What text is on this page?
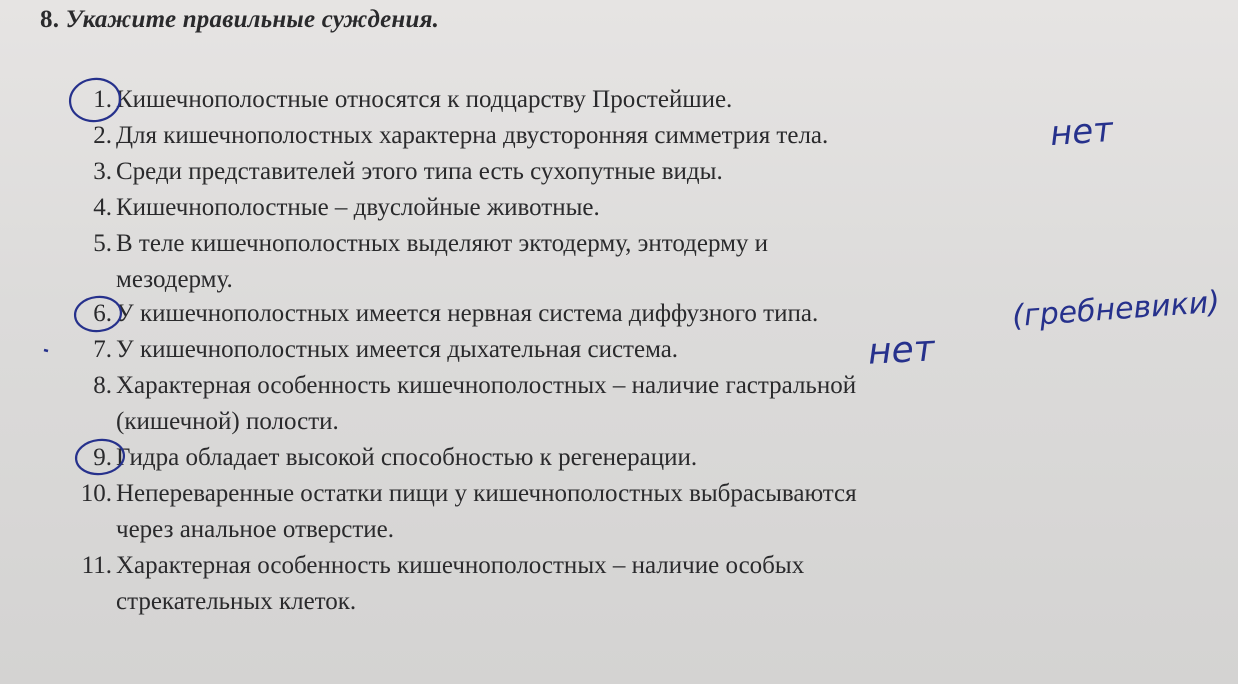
8. Укажите правильные суждения.
1. Кишечнополостные относятся к подцарству Простейшие.
2. Для кишечнополостных характерна двусторонняя симметрия тела.
3. Среди представителей этого типа есть сухопутные виды.
4. Кишечнополостные – двуслойные животные.
5. В теле кишечнополостных выделяют эктодерму, энтодерму и
мезодерму.
6. У кишечнополостных имеется нервная система диффузного типа.
7. У кишечнополостных имеется дыхательная система.
8. Характерная особенность кишечнополостных – наличие гастральной
(кишечной) полости.
9. Гидра обладает высокой способностью к регенерации.
10. Непереваренные остатки пищи у кишечнополостных выбрасываются
через анальное отверстие.
11. Характерная особенность кишечнополостных – наличие особых
стрекательных клеток.
нет
нет
(гребневики)
